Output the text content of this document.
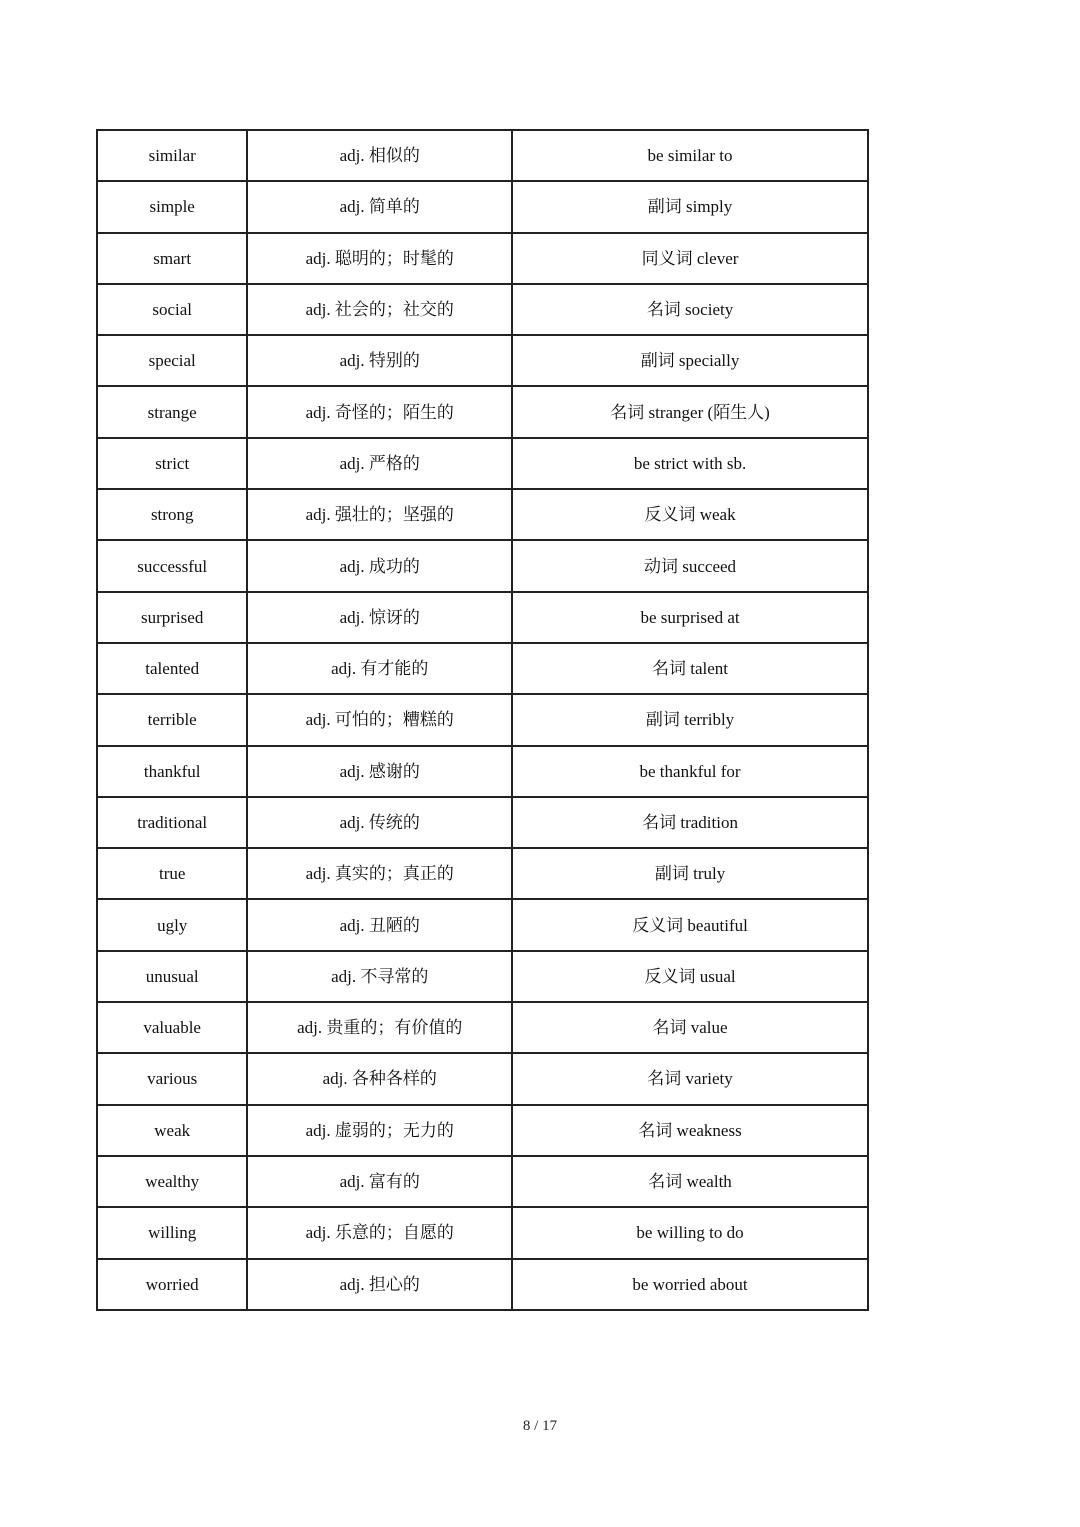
similar	adj. 相似的	be similar to
simple	adj. 简单的	副词 simply
smart	adj. 聪明的；时髦的	同义词 clever
social	adj. 社会的；社交的	名词 society
special	adj. 特别的	副词 specially
strange	adj. 奇怪的；陌生的	名词 stranger (陌生人)
strict	adj. 严格的	be strict with sb.
strong	adj. 强壮的；坚强的	反义词 weak
successful	adj. 成功的	动词 succeed
surprised	adj. 惊讶的	be surprised at
talented	adj. 有才能的	名词 talent
terrible	adj. 可怕的；糟糕的	副词 terribly
thankful	adj. 感谢的	be thankful for
traditional	adj. 传统的	名词 tradition
true	adj. 真实的；真正的	副词 truly
ugly	adj. 丑陋的	反义词 beautiful
unusual	adj. 不寻常的	反义词 usual
valuable	adj. 贵重的；有价值的	名词 value
various	adj. 各种各样的	名词 variety
weak	adj. 虚弱的；无力的	名词 weakness
wealthy	adj. 富有的	名词 wealth
willing	adj. 乐意的；自愿的	be willing to do
worried	adj. 担心的	be worried about
8 / 17
